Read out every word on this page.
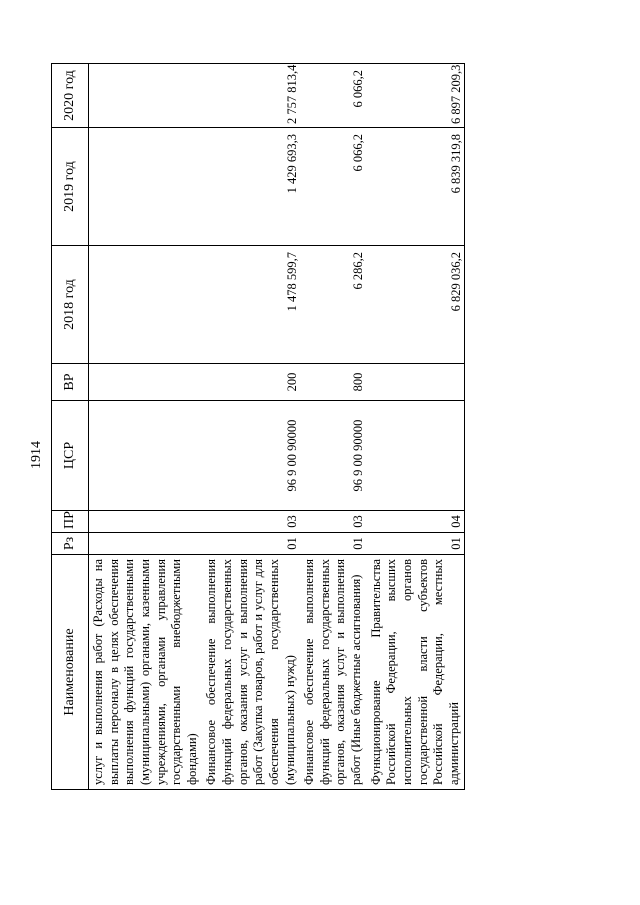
1914
Наименование	Рз	ПР	ЦСР	ВР	2018 год	2019 год	2020 год
услуг и выполнения работ (Расходы на выплаты персоналу в целях обеспечения выполнения функций государственными (муниципальными) органами, казенными учреждениями, органами управления государственными внебюджетными фондами)							
Финансовое обеспечение выполнения функций федеральных государственных органов, оказания услуг и выполнения работ (Закупка товаров, работ и услуг для обеспечения государственных (муниципальных) нужд)	01	03	96 9 00 90000	200	1 478 599,7	1 429 693,3	2 757 813,4
Финансовое обеспечение выполнения функций федеральных государственных органов, оказания услуг и выполнения работ (Иные бюджетные ассигнования)	01	03	96 9 00 90000	800	6 286,2	6 066,2	6 066,2
Функционирование Правительства Российской Федерации, высших исполнительных органов государственной власти субъектов Российской Федерации, местных администраций	01	04			6 829 036,2	6 839 319,8	6 897 209,3
